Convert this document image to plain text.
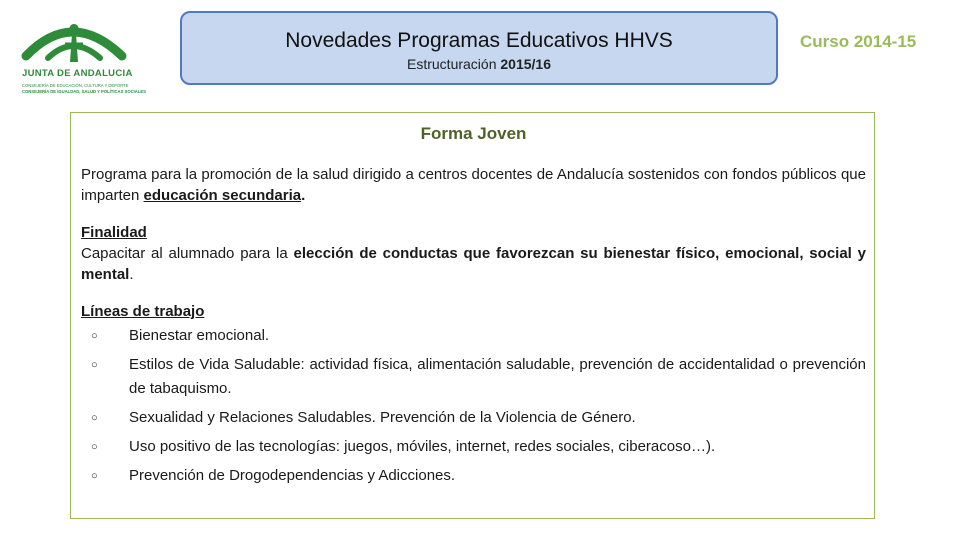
JUNTA DE ANDALUCIA
CONSEJERÍA DE EDUCACIÓN, CULTURA Y DEPORTE
CONSEJERÍA DE IGUALDAD, SALUD Y POLÍTICAS SOCIALES
Novedades Programas Educativos HHVS
Estructuración 2015/16
Curso 2014-15
Forma Joven

Programa para la promoción de la salud dirigido a centros docentes de Andalucía sostenidos con fondos públicos que imparten educación secundaria.

Finalidad

Capacitar al alumnado para la elección de conductas que favorezcan su bienestar físico, emocional, social y mental.

Líneas de trabajo
○ Bienestar emocional.
○ Estilos de Vida Saludable: actividad física, alimentación saludable, prevención de accidentalidad o prevención de tabaquismo.
○ Sexualidad y Relaciones Saludables. Prevención de la Violencia de Género.
○ Uso positivo de las tecnologías: juegos, móviles, internet, redes sociales, ciberacoso…).
○ Prevención de Drogodependencias y Adicciones.
